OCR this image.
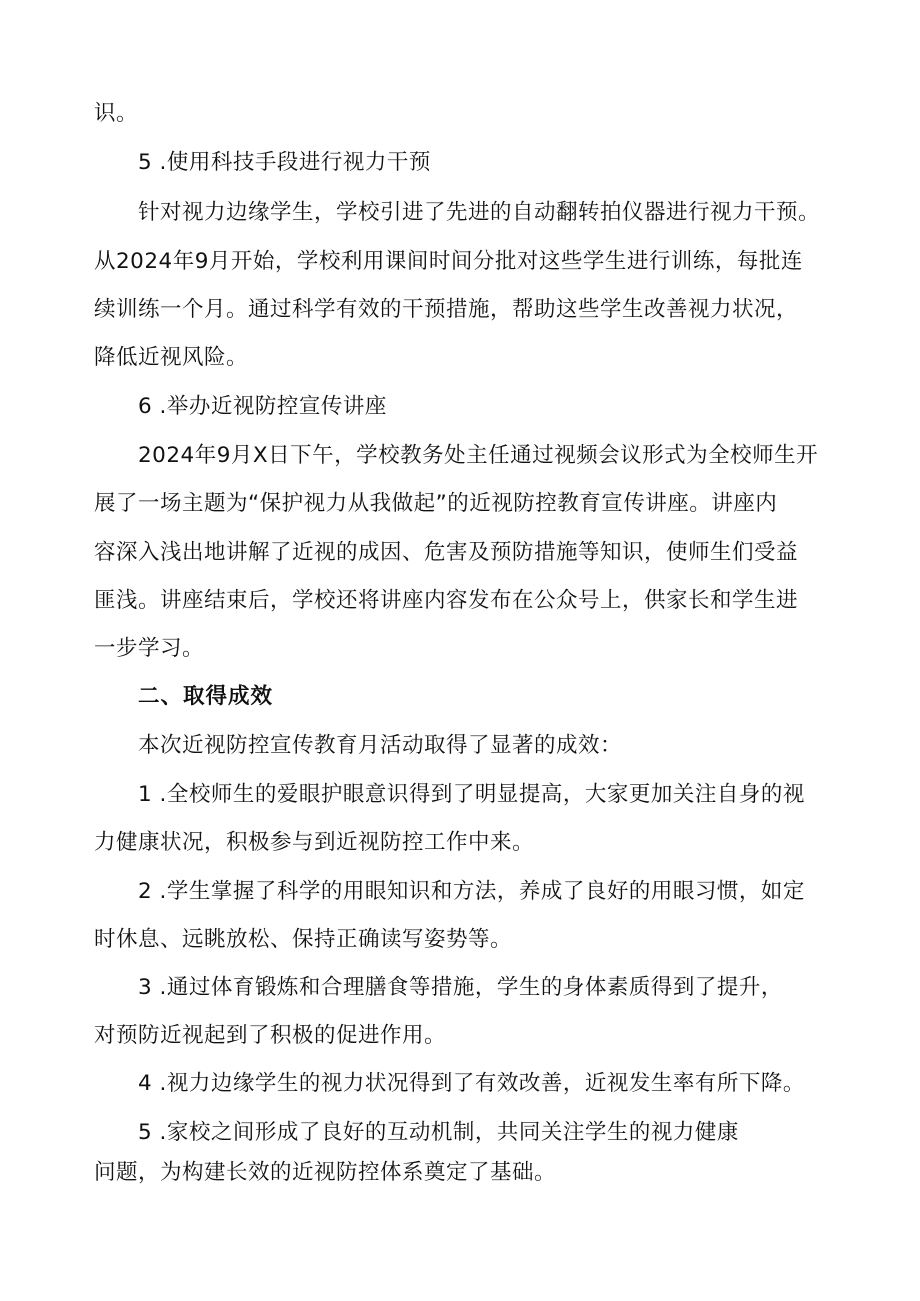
识。
5 .使用科技手段进行视力干预
针对视力边缘学生，学校引进了先进的自动翻转拍仪器进行视力干预。
从2024年9月开始，学校利用课间时间分批对这些学生进行训练，每批连
续训练一个月。通过科学有效的干预措施，帮助这些学生改善视力状况，
降低近视风险。
6 .举办近视防控宣传讲座
2024年9月X日下午，学校教务处主任通过视频会议形式为全校师生开
展了一场主题为“保护视力从我做起”的近视防控教育宣传讲座。讲座内
容深入浅出地讲解了近视的成因、危害及预防措施等知识，使师生们受益
匪浅。讲座结束后，学校还将讲座内容发布在公众号上，供家长和学生进
一步学习。
二、取得成效
本次近视防控宣传教育月活动取得了显著的成效：
1 .全校师生的爱眼护眼意识得到了明显提高，大家更加关注自身的视
力健康状况，积极参与到近视防控工作中来。
2 .学生掌握了科学的用眼知识和方法，养成了良好的用眼习惯，如定
时休息、远眺放松、保持正确读写姿势等。
3 .通过体育锻炼和合理膳食等措施，学生的身体素质得到了提升，
对预防近视起到了积极的促进作用。
4 .视力边缘学生的视力状况得到了有效改善，近视发生率有所下降。
5 .家校之间形成了良好的互动机制，共同关注学生的视力健康
问题，为构建长效的近视防控体系奠定了基础。
